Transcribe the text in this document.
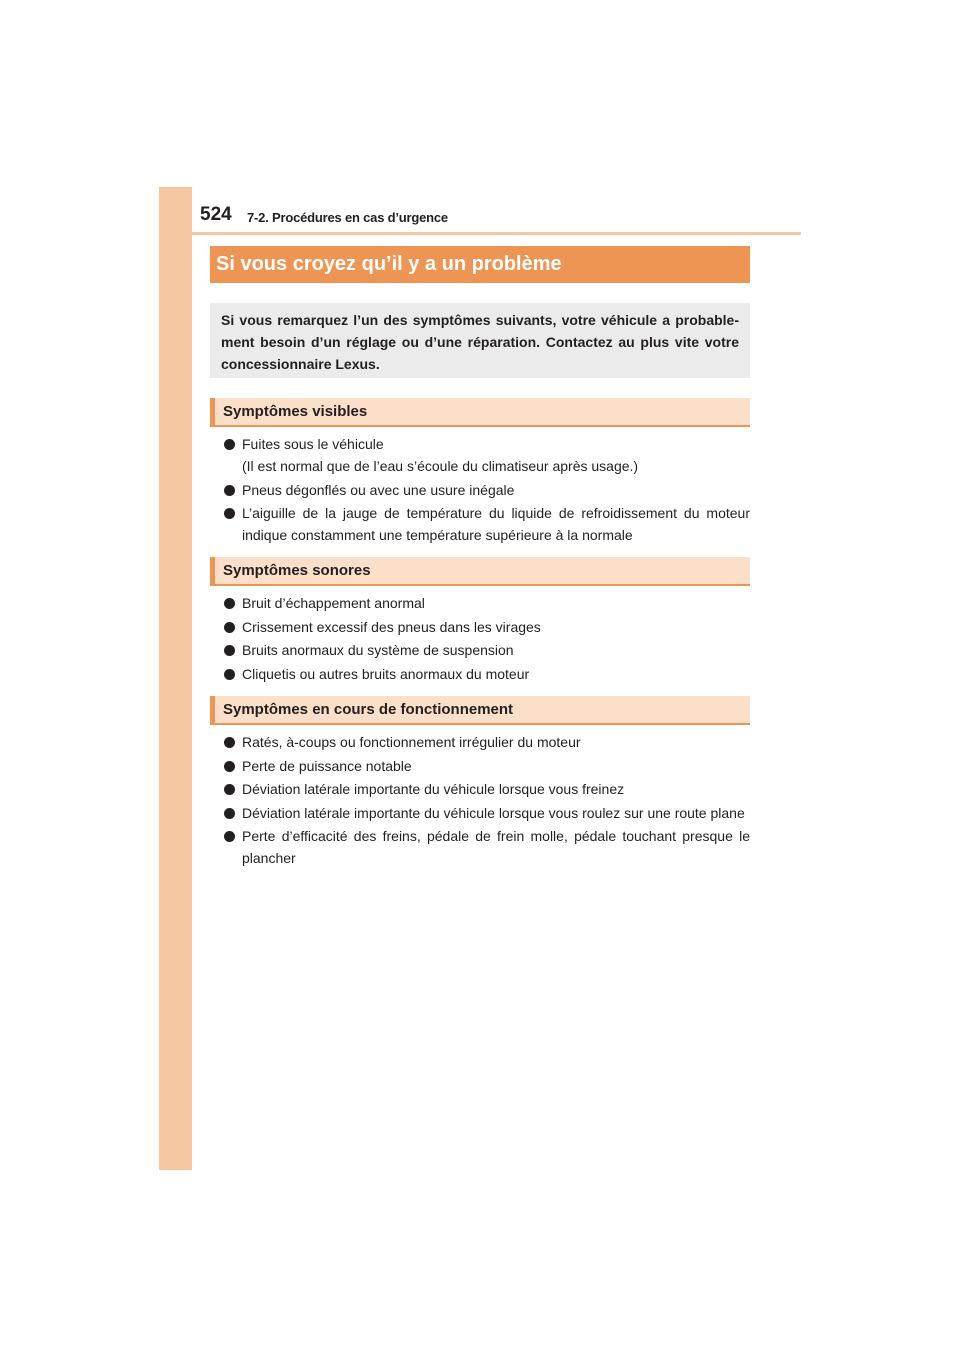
524 7-2. Procédures en cas d’urgence
Si vous croyez qu’il y a un problème

Si vous remarquez l’un des symptômes suivants, votre véhicule a probable-ment besoin d’un réglage ou d’une réparation. Contactez au plus vite votre concessionnaire Lexus.

Symptômes visibles
Fuites sous le véhicule
(Il est normal que de l’eau s’écoule du climatiseur après usage.)
Pneus dégonflés ou avec une usure inégale
L’aiguille de la jauge de température du liquide de refroidissement du moteur indique constamment une température supérieure à la normale
Symptômes sonores
Bruit d’échappement anormal
Crissement excessif des pneus dans les virages
Bruits anormaux du système de suspension
Cliquetis ou autres bruits anormaux du moteur
Symptômes en cours de fonctionnement
Ratés, à-coups ou fonctionnement irrégulier du moteur
Perte de puissance notable
Déviation latérale importante du véhicule lorsque vous freinez
Déviation latérale importante du véhicule lorsque vous roulez sur une route plane
Perte d’efficacité des freins, pédale de frein molle, pédale touchant presque le plancher
